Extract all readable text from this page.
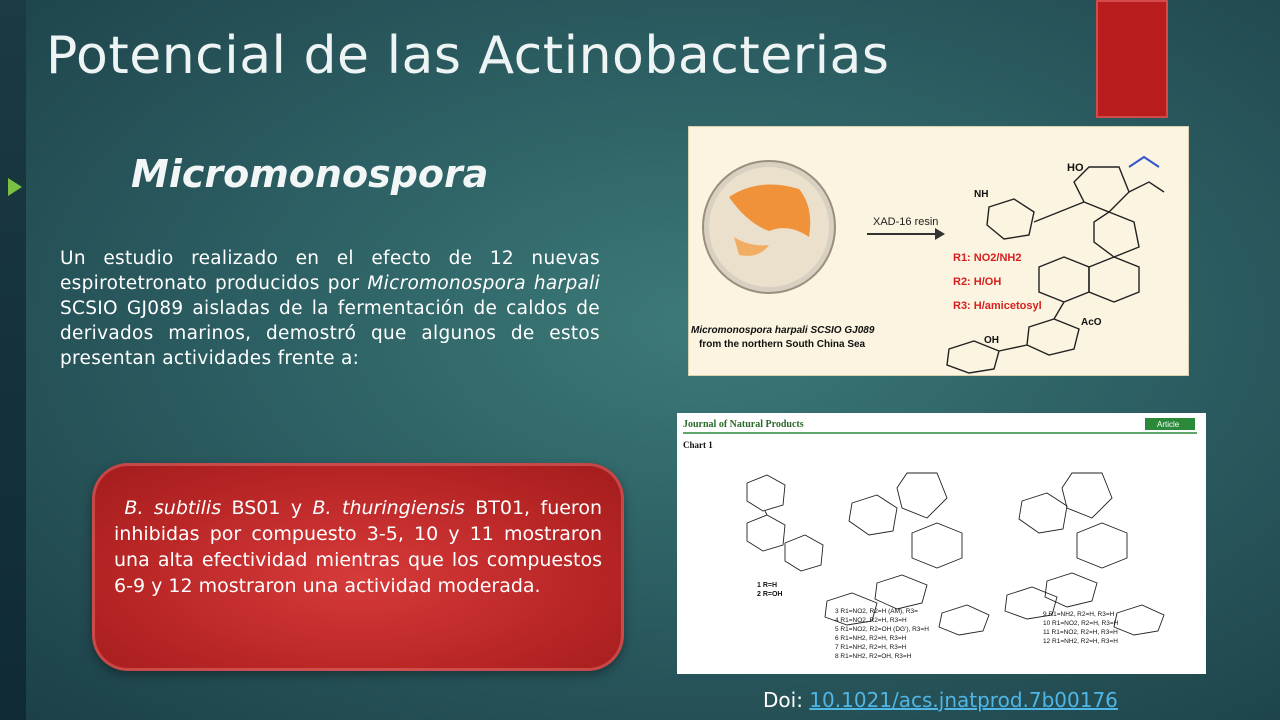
Potencial de las Actinobacterias
Micromonospora
Un estudio realizado en el efecto de 12 nuevas espirotetronato producidos por Micromonospora harpali SCSIO GJ089 aisladas de la fermentación de caldos de derivados marinos, demostró que algunos de estos presentan actividades frente a:
B. subtilis BS01 y B. thuringiensis BT01, fueron inhibidas por compuesto 3-5, 10 y 11 mostraron una alta efectividad mientras que los compuestos 6-9 y 12 mostraron una actividad moderada.
XAD-16 resin
HO
NH
AcO
OH
R1: NO2/NH2
R2: H/OH
R3: H/amicetosyl
Micromonospora harpali SCSIO GJ089
from the northern South China Sea
Journal of Natural Products	Article
Chart 1
1 R=H
2 R=OH
3 R1=NO2, R2=H (AM), R3=
4 R1=NO2, R2=H, R3=H
5 R1=NO2, R2=OH (DG'), R3=H
6 R1=NH2, R2=H, R3=H
7 R1=NH2, R2=H, R3=H
8 R1=NH2, R2=OH, R3=H
9 R1=NH2, R2=H, R3=H
10 R1=NO2, R2=H, R3=H
11 R1=NO2, R2=H, R3=H
12 R1=NH2, R2=H, R3=H
Doi: 10.1021/acs.jnatprod.7b00176
